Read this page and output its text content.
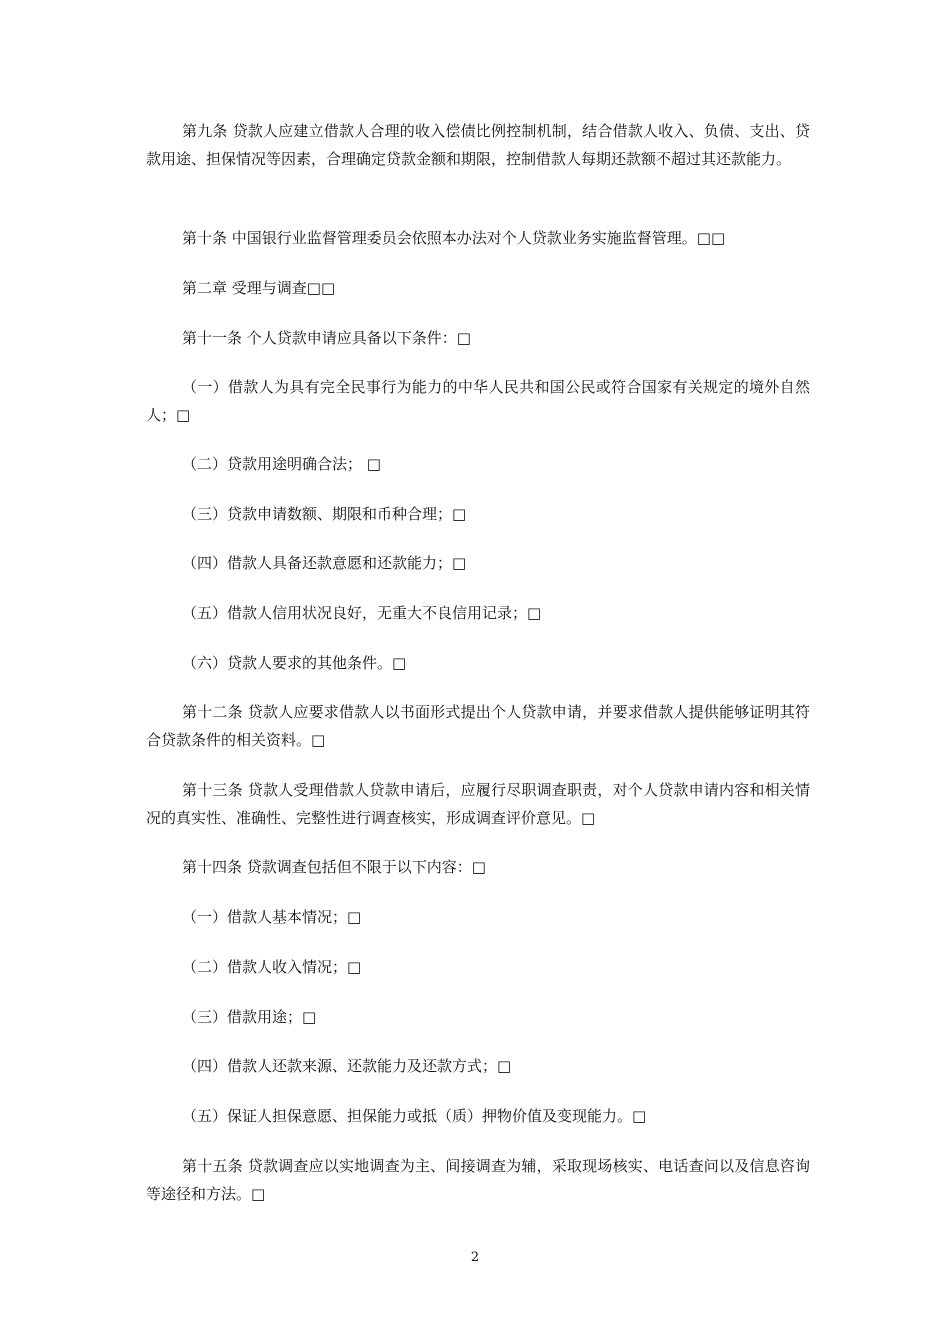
第九条 贷款人应建立借款人合理的收入偿债比例控制机制，结合借款人收入、负债、支出、贷款用途、担保情况等因素，合理确定贷款金额和期限，控制借款人每期还款额不超过其还款能力。

第十条 中国银行业监督管理委员会依照本办法对个人贷款业务实施监督管理。□□

第二章 受理与调查□□

第十一条 个人贷款申请应具备以下条件：□

（一）借款人为具有完全民事行为能力的中华人民共和国公民或符合国家有关规定的境外自然人；□

（二）贷款用途明确合法； □

（三）贷款申请数额、期限和币种合理；□

（四）借款人具备还款意愿和还款能力；□

（五）借款人信用状况良好，无重大不良信用记录；□

（六）贷款人要求的其他条件。□

第十二条 贷款人应要求借款人以书面形式提出个人贷款申请，并要求借款人提供能够证明其符合贷款条件的相关资料。□

第十三条 贷款人受理借款人贷款申请后，应履行尽职调查职责，对个人贷款申请内容和相关情况的真实性、准确性、完整性进行调查核实，形成调查评价意见。□

第十四条 贷款调查包括但不限于以下内容：□

（一）借款人基本情况；□

（二）借款人收入情况；□

（三）借款用途；□

（四）借款人还款来源、还款能力及还款方式；□

（五）保证人担保意愿、担保能力或抵（质）押物价值及变现能力。□

第十五条 贷款调查应以实地调查为主、间接调查为辅，采取现场核实、电话查问以及信息咨询等途径和方法。□

2
